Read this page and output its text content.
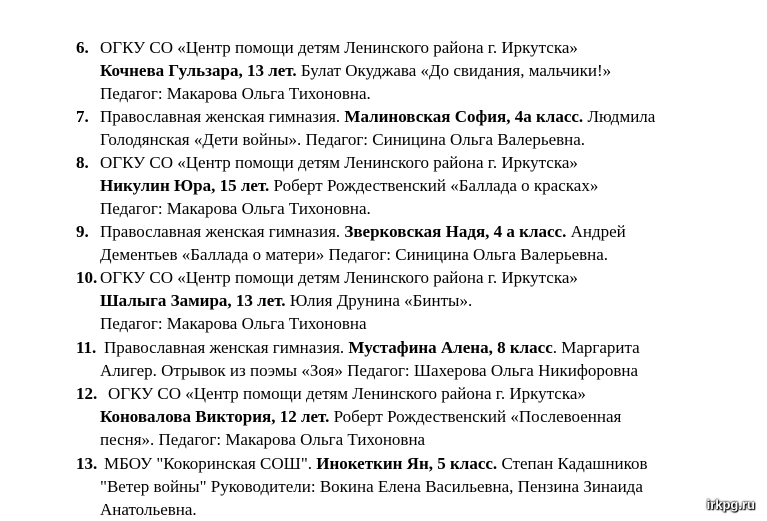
6. ОГКУ СО «Центр помощи детям Ленинского района г. Иркутска»
Кочнева Гульзара, 13 лет. Булат Окуджава «До свидания, мальчики!»
Педагог: Макарова Ольга Тихоновна.
7. Православная женская гимназия. Малиновская София, 4а класс. Людмила
Голодянская «Дети войны». Педагог: Синицина Ольга Валерьевна.
8. ОГКУ СО «Центр помощи детям Ленинского района г. Иркутска»
Никулин Юра, 15 лет. Роберт Рождественский «Баллада о красках»
Педагог: Макарова Ольга Тихоновна.
9. Православная женская гимназия. Зверковская Надя, 4 а класс. Андрей
Дементьев «Баллада о матери» Педагог: Синицина Ольга Валерьевна.
10. ОГКУ СО «Центр помощи детям Ленинского района г. Иркутска»
Шалыга Замира, 13 лет. Юлия Друнина «Бинты».
Педагог: Макарова Ольга Тихоновна
11. Православная женская гимназия. Мустафина Алена, 8 класс. Маргарита
Алигер. Отрывок из поэмы «Зоя» Педагог: Шахерова Ольга Никифоровна
12. ОГКУ СО «Центр помощи детям Ленинского района г. Иркутска»
Коновалова Виктория, 12 лет. Роберт Рождественский «Послевоенная
песня». Педагог: Макарова Ольга Тихоновна
13. МБОУ "Кокоринская СОШ". Инокеткин Ян, 5 класс. Степан Кадашников
"Ветер войны" Руководители: Вокина Елена Васильевна, Пензина Зинаида
Анатольевна.	irkpg.ru
